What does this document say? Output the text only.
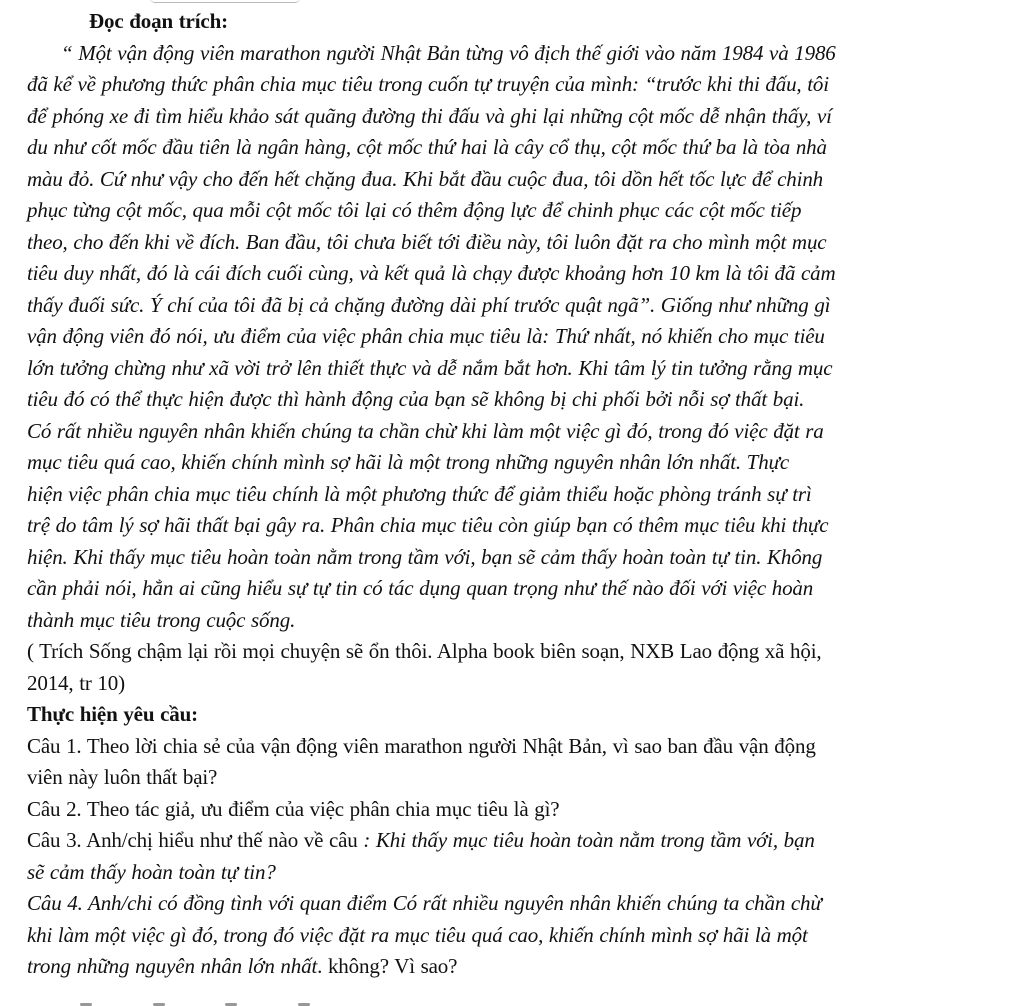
Đọc đoạn trích:
“ Một vận động viên marathon người Nhật Bản từng vô địch thế giới vào năm 1984 và 1986
đã kể về phương thức phân chia mục tiêu trong cuốn tự truyện của mình: “trước khi thi đấu, tôi
để phóng xe đi tìm hiểu khảo sát quãng đường thi đấu và ghi lại những cột mốc dễ nhận thấy, ví
du như cốt mốc đầu tiên là ngân hàng, cột mốc thứ hai là cây cổ thụ, cột mốc thứ ba là tòa nhà
màu đỏ. Cứ như vậy cho đến hết chặng đua. Khi bắt đầu cuộc đua, tôi dồn hết tốc lực để chinh
phục từng cột mốc, qua mỗi cột mốc tôi lại có thêm động lực để chinh phục các cột mốc tiếp
theo, cho đến khi về đích. Ban đầu, tôi chưa biết tới điều này, tôi luôn đặt ra cho mình một mục
tiêu duy nhất, đó là cái đích cuối cùng, và kết quả là chạy được khoảng hơn 10 km là tôi đã cảm
thấy đuối sức. Ý chí của tôi đã bị cả chặng đường dài phí trước quật ngã”. Giống như những gì
vận động viên đó nói, ưu điểm của việc phân chia mục tiêu là: Thứ nhất, nó khiến cho mục tiêu
lớn tưởng chừng như xã vời trở lên thiết thực và dễ nắm bắt hơn. Khi tâm lý tin tưởng rằng mục
tiêu đó có thể thực hiện được thì hành động của bạn sẽ không bị chi phối bởi nỗi sợ thất bại.
Có rất nhiều nguyên nhân khiến chúng ta chần chừ khi làm một việc gì đó, trong đó việc đặt ra
mục tiêu quá cao, khiến chính mình sợ hãi là một trong những nguyên nhân lớn nhất. Thực
hiện việc phân chia mục tiêu chính là một phương thức để giảm thiểu hoặc phòng tránh sự trì
trệ do tâm lý sợ hãi thất bại gây ra. Phân chia mục tiêu còn giúp bạn có thêm mục tiêu khi thực
hiện. Khi thấy mục tiêu hoàn toàn nằm trong tầm với, bạn sẽ cảm thấy hoàn toàn tự tin. Không
cần phải nói, hẳn ai cũng hiểu sự tự tin có tác dụng quan trọng như thế nào đối với việc hoàn
thành mục tiêu trong cuộc sống.
( Trích Sống chậm lại rồi mọi chuyện sẽ ổn thôi. Alpha book biên soạn, NXB Lao động xã hội,
2014, tr 10)
Thực hiện yêu cầu:
Câu 1. Theo lời chia sẻ của vận động viên marathon người Nhật Bản, vì sao ban đầu vận động
viên này luôn thất bại?
Câu 2. Theo tác giả, ưu điểm của việc phân chia mục tiêu là gì?
Câu 3. Anh/chị hiểu như thế nào về câu : Khi thấy mục tiêu hoàn toàn nằm trong tầm với, bạn
sẽ cảm thấy hoàn toàn tự tin?
Câu 4. Anh/chi có đồng tình với quan điểm Có rất nhiều nguyên nhân khiến chúng ta chần chừ
khi làm một việc gì đó, trong đó việc đặt ra mục tiêu quá cao, khiến chính mình sợ hãi là một
trong những nguyên nhân lớn nhất. không? Vì sao?
